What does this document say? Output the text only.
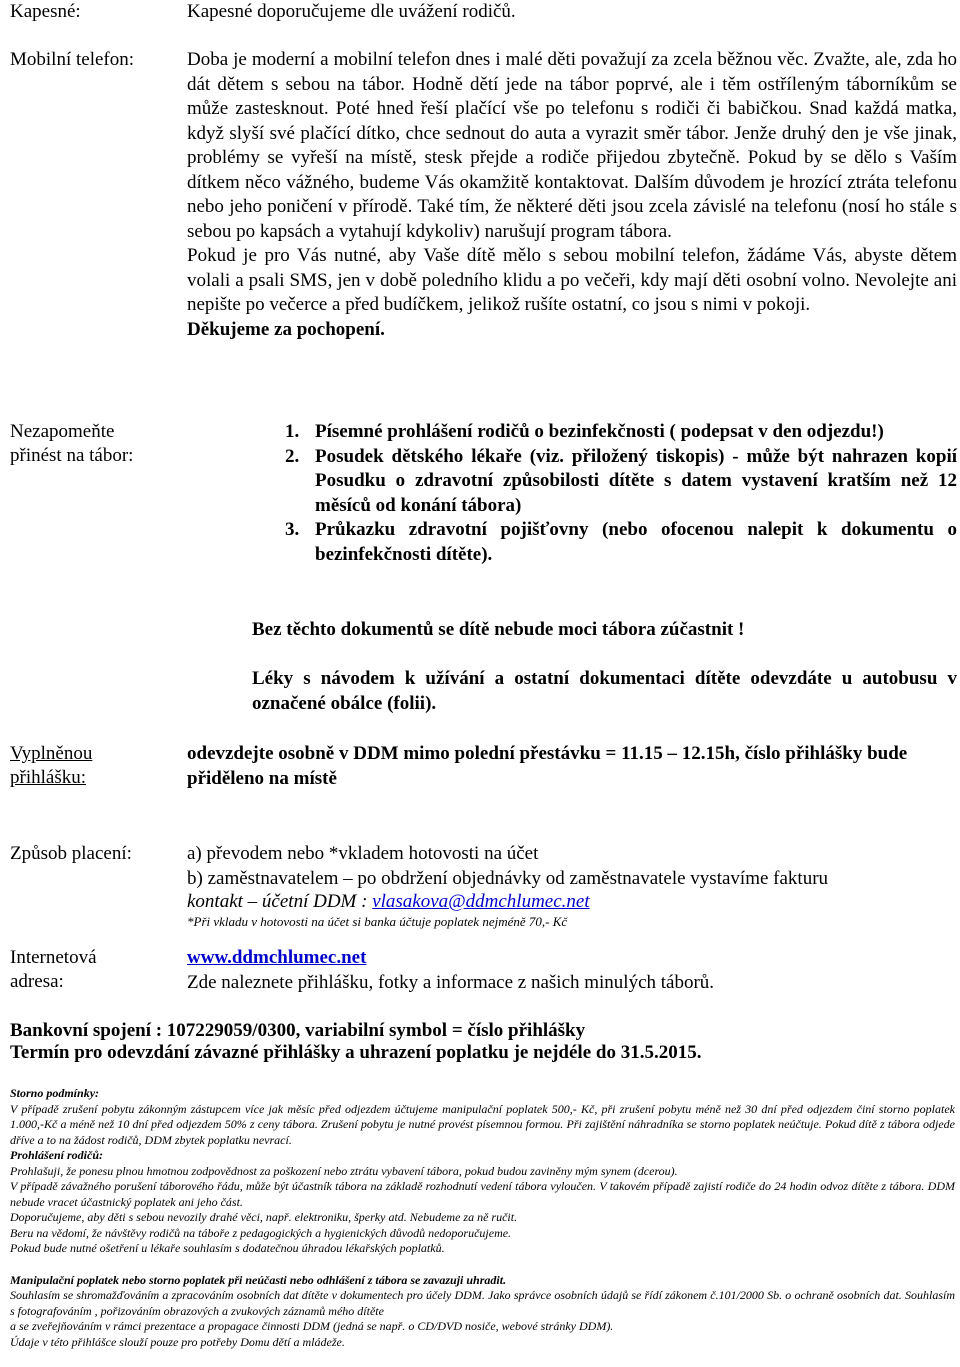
Kapesné:	Kapesné doporučujeme dle uvážení rodičů.
Mobilní telefon:	Doba je moderní a mobilní telefon dnes i malé děti považují za zcela běžnou věc. Zvažte, ale, zda ho dát dětem s sebou na tábor. Hodně dětí jede na tábor poprvé, ale i těm ostříleným táborníkům se může zastesknout. Poté hned řeší plačící vše po telefonu s rodiči či babičkou. Snad každá matka, když slyší své plačící dítko, chce sednout do auta a vyrazit směr tábor. Jenže druhý den je vše jinak, problémy se vyřeší na místě, stesk přejde a rodiče přijedou zbytečně. Pokud by se dělo s Vaším dítkem něco vážného, budeme Vás okamžitě kontaktovat. Dalším důvodem je hrozící ztráta telefonu nebo jeho poničení v přírodě. Také tím, že některé děti jsou zcela závislé na telefonu (nosí ho stále s sebou po kapsách a vytahují kdykoliv) narušují program tábora.

Pokud je pro Vás nutné, aby Vaše dítě mělo s sebou mobilní telefon, žádáme Vás, abyste dětem volali a psali SMS, jen v době poledního klidu a po večeři, kdy mají děti osobní volno. Nevolejte ani nepište po večerce a před budíčkem, jelikož rušíte ostatní, co jsou s nimi v pokoji.

Děkujeme za pochopení.

Nezapomeňte
přinést na tábor:
1. Písemné prohlášení rodičů o bezinfekčnosti ( podepsat v den odjezdu!)
2. Posudek dětského lékaře (viz. přiložený tiskopis) - může být nahrazen kopií Posudku o zdravotní způsobilosti dítěte s datem vystavení kratším než 12 měsíců od konání tábora)
3. Průkazku zdravotní pojišťovny (nebo ofocenou nalepit k dokumentu o bezinfekčnosti dítěte).
Bez těchto dokumentů se dítě nebude moci tábora zúčastnit !
Léky s návodem k užívání a ostatní dokumentaci dítěte odevzdáte u autobusu v označené obálce (folii).
Vyplněnou
přihlášku:
odevzdejte osobně v DDM mimo polední přestávku = 11.15 – 12.15h, číslo přihlášky bude přiděleno na místě
Způsob placení:	a) převodem nebo *vkladem hotovosti na účet

b) zaměstnavatelem – po obdržení objednávky od zaměstnavatele vystavíme fakturu

kontakt – účetní DDM : vlasakova@ddmchlumec.net

*Při vkladu v hotovosti na účet si banka účtuje poplatek nejméně 70,- Kč

Internetová
adresa:

www.ddmchlumec.net

Zde naleznete přihlášku, fotky a informace z našich minulých táborů.

Bankovní spojení : 107229059/0300, variabilní symbol = číslo přihlášky
Termín pro odevzdání závazné přihlášky a uhrazení poplatku je nejdéle do 31.5.2015.

Storno podmínky:

V případě zrušení pobytu zákonným zástupcem více jak měsíc před odjezdem účtujeme manipulační poplatek 500,- Kč, při zrušení pobytu méně než 30 dní před odjezdem činí storno poplatek 1.000,-Kč a méně než 10 dní před odjezdem 50% z ceny tábora. Zrušení pobytu je nutné provést písemnou formou. Při zajištění náhradníka se storno poplatek neúčtuje. Pokud dítě z tábora odjede dříve a to na žádost rodičů, DDM zbytek poplatku nevrací.

Prohlášení rodičů:

Prohlašuji, že ponesu plnou hmotnou zodpovědnost za poškození nebo ztrátu vybavení tábora, pokud budou zaviněny mým synem (dcerou).

V případě závažného porušení táborového řádu, může být účastník tábora na základě rozhodnutí vedení tábora vyloučen. V takovém případě zajistí rodiče do 24 hodin odvoz dítěte z tábora. DDM nebude vracet účastnický poplatek ani jeho část.

Doporučujeme, aby děti s sebou nevozily drahé věci, např. elektroniku, šperky atd. Nebudeme za ně ručit.

Beru na vědomí, že návštěvy rodičů na táboře z pedagogických a hygienických důvodů nedoporučujeme.

Pokud bude nutné ošetření u lékaře souhlasím s dodatečnou úhradou lékařských poplatků.

Manipulační poplatek nebo storno poplatek při neúčasti nebo odhlášení z tábora se zavazuji uhradit.

Souhlasím se shromažďováním a zpracováním osobních dat dítěte v dokumentech pro účely DDM. Jako správce osobních údajů se řídí zákonem č.101/2000 Sb. o ochraně osobních dat. Souhlasím s fotografováním , pořizováním obrazových a zvukových záznamů mého dítěte

a se zveřejňováním v rámci prezentace a propagace činnosti DDM (jedná se např. o CD/DVD nosiče, webové stránky DDM).

Údaje v této přihlášce slouží pouze pro potřeby Domu dětí a mládeže.
